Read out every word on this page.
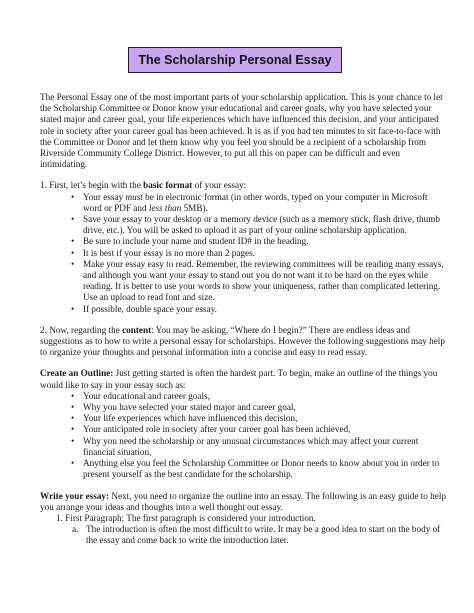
The Scholarship Personal Essay

The Personal Essay one of the most important parts of your scholarship application. This is your chance to let the Scholarship Committee or Donor know your educational and career goals, why you have selected your stated major and career goal, your life experiences which have influenced this decision, and your anticipated role in society after your career goal has been achieved. It is as if you had ten minutes to sit face-to-face with the Committee or Donor and let them know why you feel you should be a recipient of a scholarship from Riverside Community College District. However, to put all this on paper can be difficult and even intimidating.

1. First, let’s begin with the basic format of your essay:

• Your essay must be in electronic format (in other words, typed on your computer in Microsoft word or PDF and less than 5MB).
• Save your essay to your desktop or a memory device (such as a memory stick, flash drive, thumb drive, etc.). You will be asked to upload it as part of your online scholarship application.
• Be sure to include your name and student ID# in the heading.
• It is best if your essay is no more than 2 pages.
• Make your essay easy to read. Remember, the reviewing committees will be reading many essays, and although you want your essay to stand out you do not want it to be hard on the eyes while reading. It is better to use your words to show your uniqueness, rather than complicated lettering. Use an upload to read font and size.
• If possible, double space your essay.

2. Now, regarding the content: You may be asking, “Where do I begin?” There are endless ideas and suggestions as to how to write a personal essay for scholarships. However the following suggestions may help to organize your thoughts and personal information into a concise and easy to read essay.

Create an Outline: Just getting started is often the hardest part. To begin, make an outline of the things you would like to say in your essay such as:

• Your educational and career goals,
• Why you have selected your stated major and career goal,
• Your life experiences which have influenced this decision,
• Your anticipated role in society after your career goal has been achieved,
• Why you need the scholarship or any unusual circumstances which may affect your current financial situation,
• Anything else you feel the Scholarship Committee or Donor needs to know about you in order to present yourself as the best candidate for the scholarship.

Write your essay: Next, you need to organize the outline into an essay. The following is an easy guide to help you arrange your ideas and thoughts into a well thought out essay.

1. First Paragraph: The first paragraph is considered your introduction.

a. The introduction is often the most difficult to write. It may be a good idea to start on the body of the essay and come back to write the introduction later.
